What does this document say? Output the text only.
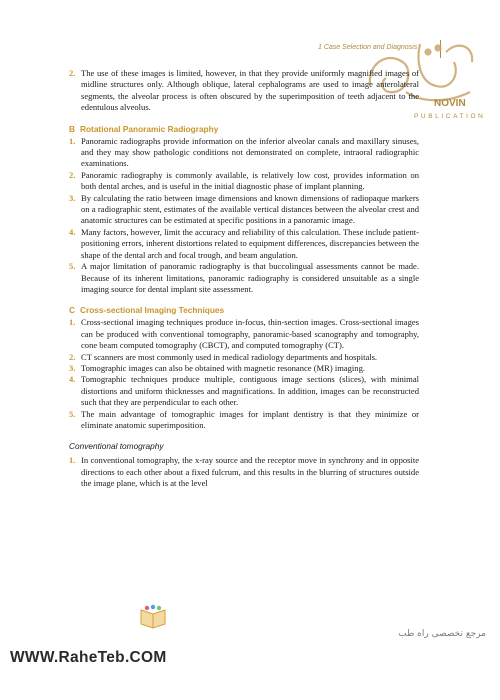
1 Case Selection and Diagnosis
NOVIN
PUBLICATION

2. The use of these images is limited, however, in that they provide uniformly magnified images of midline structures only. Although oblique, lateral cephalograms are used to image anterolateral segments, the alveolar process is often obscured by the superimposition of teeth adjacent to the edentulous alveolus.

B Rotational Panoramic Radiography

1. Panoramic radiographs provide information on the inferior alveolar canals and maxillary sinuses, and they may show pathologic conditions not demonstrated on complete, intraoral radiographic examinations.

2. Panoramic radiography is commonly available, is relatively low cost, provides information on both dental arches, and is useful in the initial diagnostic phase of implant planning.

3. By calculating the ratio between image dimensions and known dimensions of radiopaque markers on a radiographic stent, estimates of the available vertical distances between the alveolar crest and anatomic structures can be estimated at specific positions in a panoramic image.

4. Many factors, however, limit the accuracy and reliability of this calculation. These include patient-positioning errors, inherent distortions related to equipment differences, discrepancies between the shape of the dental arch and focal trough, and beam angulation.

5. A major limitation of panoramic radiography is that buccolingual assessments cannot be made. Because of its inherent limitations, panoramic radiography is considered unsuitable as a single imaging source for dental implant site assessment.

C Cross-sectional Imaging Techniques

1. Cross-sectional imaging techniques produce in-focus, thin-section images. Cross-sectional images can be produced with conventional tomography, panoramic-based scanography and tomography, cone beam computed tomography (CBCT), and computed tomography (CT).

2. CT scanners are most commonly used in medical radiology departments and hospitals.

3. Tomographic images can also be obtained with magnetic resonance (MR) imaging.

4. Tomographic techniques produce multiple, contiguous image sections (slices), with minimal distortions and uniform thicknesses and magnifications. In addition, images can be reconstructed such that they are perpendicular to each other.

5. The main advantage of tomographic images for implant dentistry is that they minimize or eliminate anatomic superimposition.

Conventional tomography

1. In conventional tomography, the x-ray source and the receptor move in synchrony and in opposite directions to each other about a fixed fulcrum, and this results in the blurring of structures outside the image plane, which is at the level

WWW.RaheTeb.COM
مرجع تخصصی راه طب
